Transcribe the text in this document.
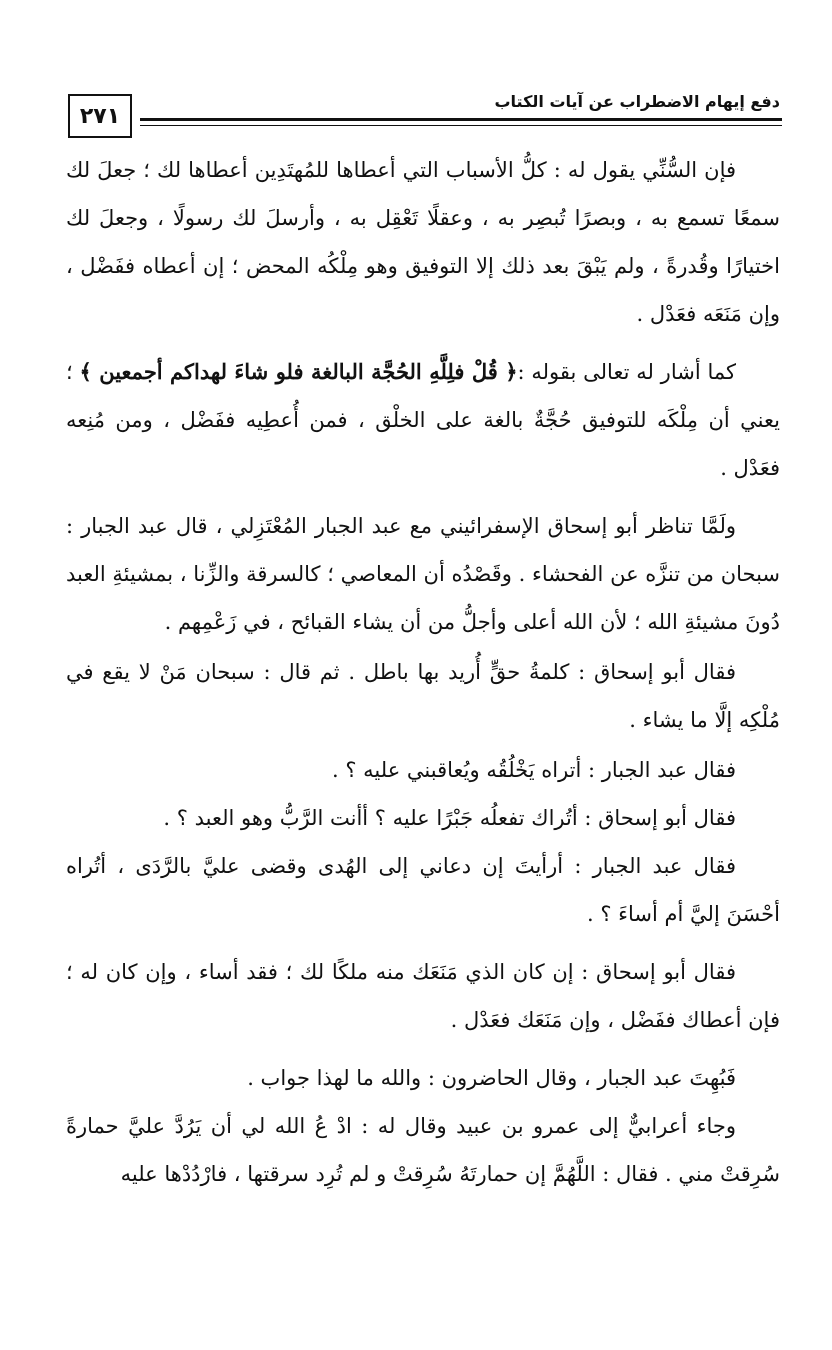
٢٧١
دفع إيهام الاضطراب عن آيات الكتاب

فإن السُّنِّي يقول له : كلُّ الأسباب التي أعطاها للمُهتَدِين أعطاها لك ؛ جعلَ لك سمعًا تسمع به ، وبصرًا تُبصِر به ، وعقلًا تَعْقِل به ، وأرسلَ لك رسولًا ، وجعلَ لك اختيارًا وقُدرةً ، ولم يَبْقَ بعد ذلك إلا التوفيق وهو مِلْكُه المحض ؛ إن أعطاه ففَضْل ، وإن مَنَعَه فعَدْل .

كما أشار له تعالى بقوله :﴿ قُلْ فلِلَّهِ الحُجَّة البالغة فلو شاءَ لهداكم أجمعين ﴾ ؛ يعني أن مِلْكَه للتوفيق حُجَّةٌ بالغة على الخلْق ، فمن أُعطِيه ففَضْل ، ومن مُنِعه فعَدْل .

ولَمَّا تناظر أبو إسحاق الإسفرائيني مع عبد الجبار المُعْتَزِلي ، قال عبد الجبار : سبحان من تنزَّه عن الفحشاء . وقَصْدُه أن المعاصي ؛ كالسرقة والزِّنا ، بمشيئةِ العبد دُونَ مشيئةِ الله ؛ لأن الله أعلى وأجلُّ من أن يشاء القبائح ، في زَعْمِهم .

فقال أبو إسحاق : كلمةُ حقٍّ أُريد بها باطل . ثم قال : سبحان مَنْ لا يقع في مُلْكِه إلَّا ما يشاء .

فقال عبد الجبار : أتراه يَخْلُقُه ويُعاقبني عليه ؟ .

فقال أبو إسحاق : أتُراك تفعلُه جَبْرًا عليه ؟ أأنت الرَّبُّ وهو العبد ؟ .

فقال عبد الجبار : أرأيتَ إن دعاني إلى الهُدى وقضى عليَّ بالرَّدَى ، أتُراه أحْسَنَ إليَّ أم أساءَ ؟ .

فقال أبو إسحاق : إن كان الذي مَنَعَك منه ملكًا لك ؛ فقد أساء ، وإن كان له ؛ فإن أعطاك ففَضْل ، وإن مَنَعَك فعَدْل .

فَبُهِتَ عبد الجبار ، وقال الحاضرون : والله ما لهذا جواب .

وجاء أعرابيٌّ إلى عمرو بن عبيد وقال له : ادْ عُ الله لي أن يَرُدَّ عليَّ حمارةً سُرِقتْ مني . فقال : اللَّهُمَّ إن حمارتَهُ سُرِقتْ و لم تُرِد سرقتها ، فارْدُدْها عليه
